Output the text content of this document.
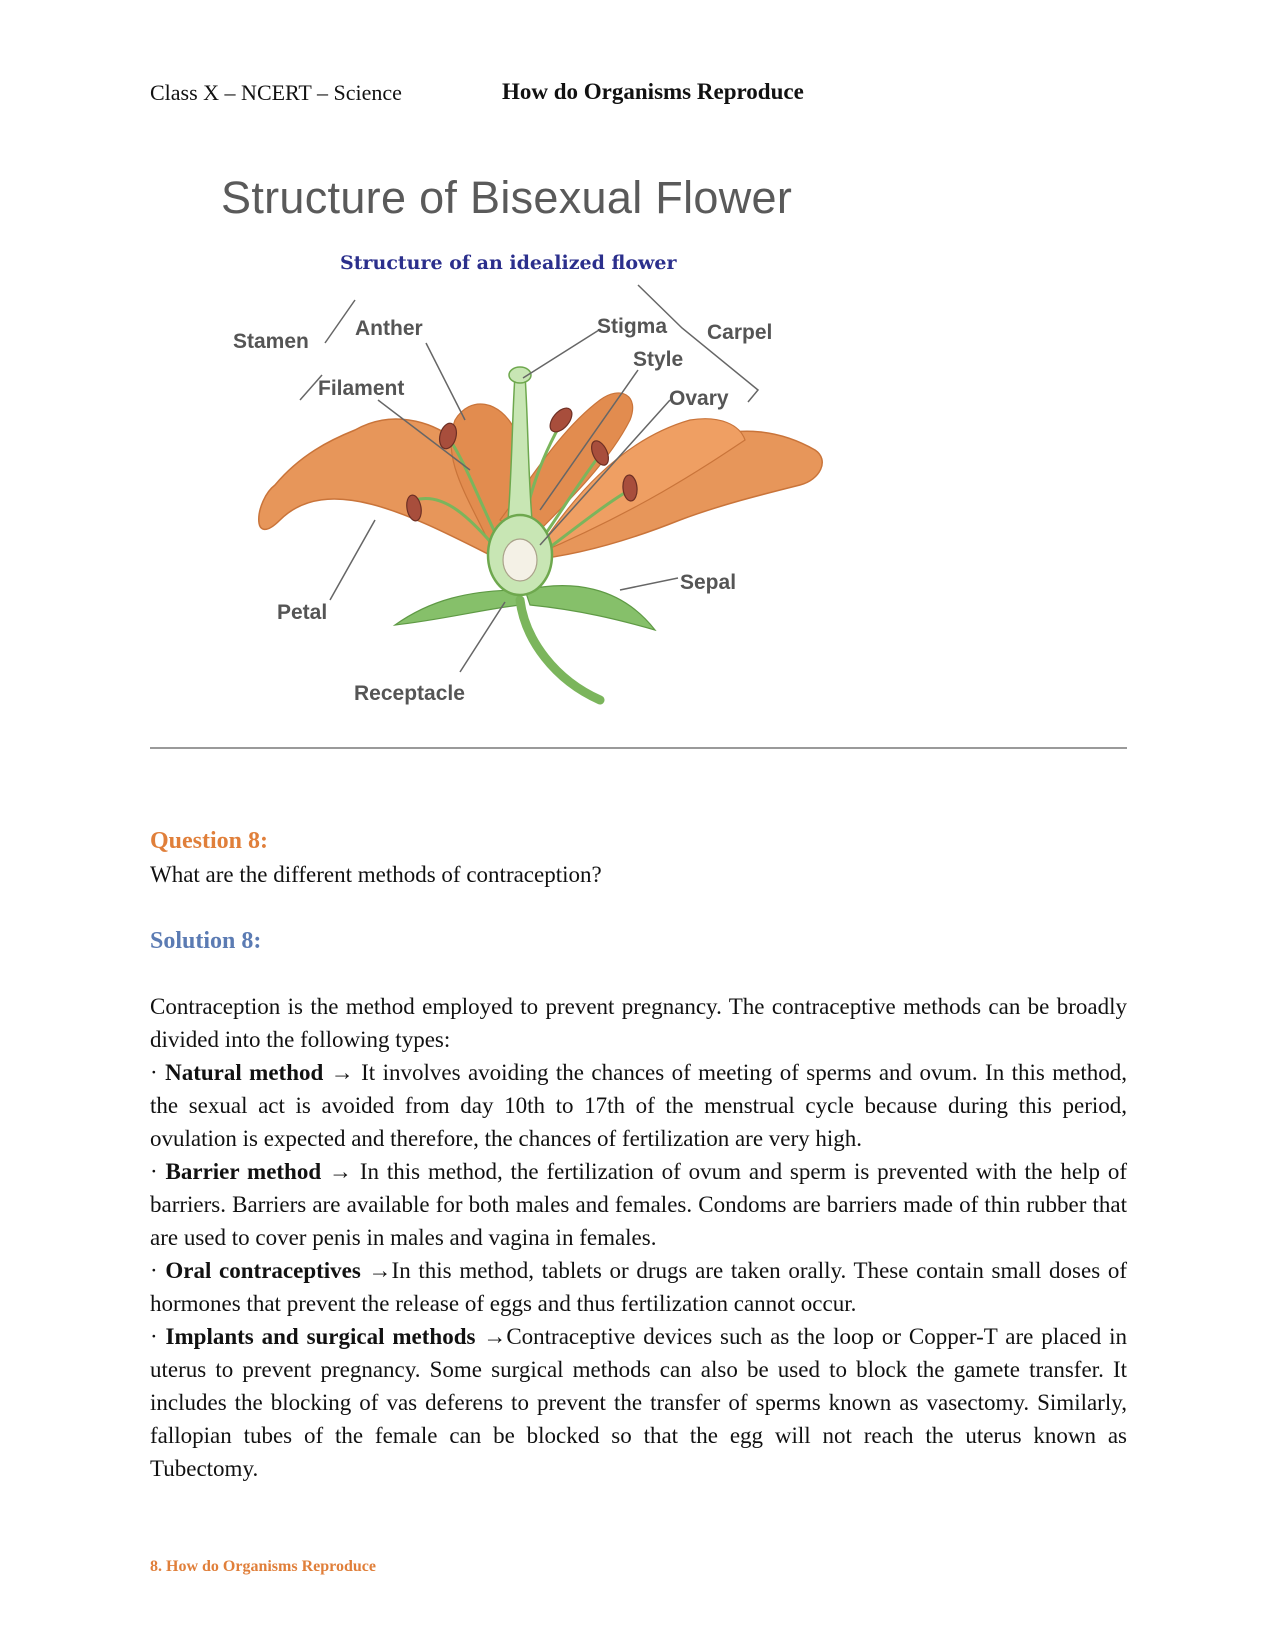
Class X – NCERT – Science	How do Organisms Reproduce
Structure of Bisexual Flower
Structure of an idealized flower
Stamen
Anther
Filament
Stigma
Style
Carpel
Ovary
Sepal
Petal
Receptacle
Question 8:
What are the different methods of contraception?
Solution 8:

Contraception is the method employed to prevent pregnancy. The contraceptive methods can be broadly divided into the following types:

· Natural method → It involves avoiding the chances of meeting of sperms and ovum. In this method, the sexual act is avoided from day 10th to 17th of the menstrual cycle because during this period, ovulation is expected and therefore, the chances of fertilization are very high.

· Barrier method → In this method, the fertilization of ovum and sperm is prevented with the help of barriers. Barriers are available for both males and females. Condoms are barriers made of thin rubber that are used to cover penis in males and vagina in females.

· Oral contraceptives →In this method, tablets or drugs are taken orally. These contain small doses of hormones that prevent the release of eggs and thus fertilization cannot occur.

· Implants and surgical methods →Contraceptive devices such as the loop or Copper-T are placed in uterus to prevent pregnancy. Some surgical methods can also be used to block the gamete transfer. It includes the blocking of vas deferens to prevent the transfer of sperms known as vasectomy. Similarly, fallopian tubes of the female can be blocked so that the egg will not reach the uterus known as Tubectomy.

8. How do Organisms Reproduce
